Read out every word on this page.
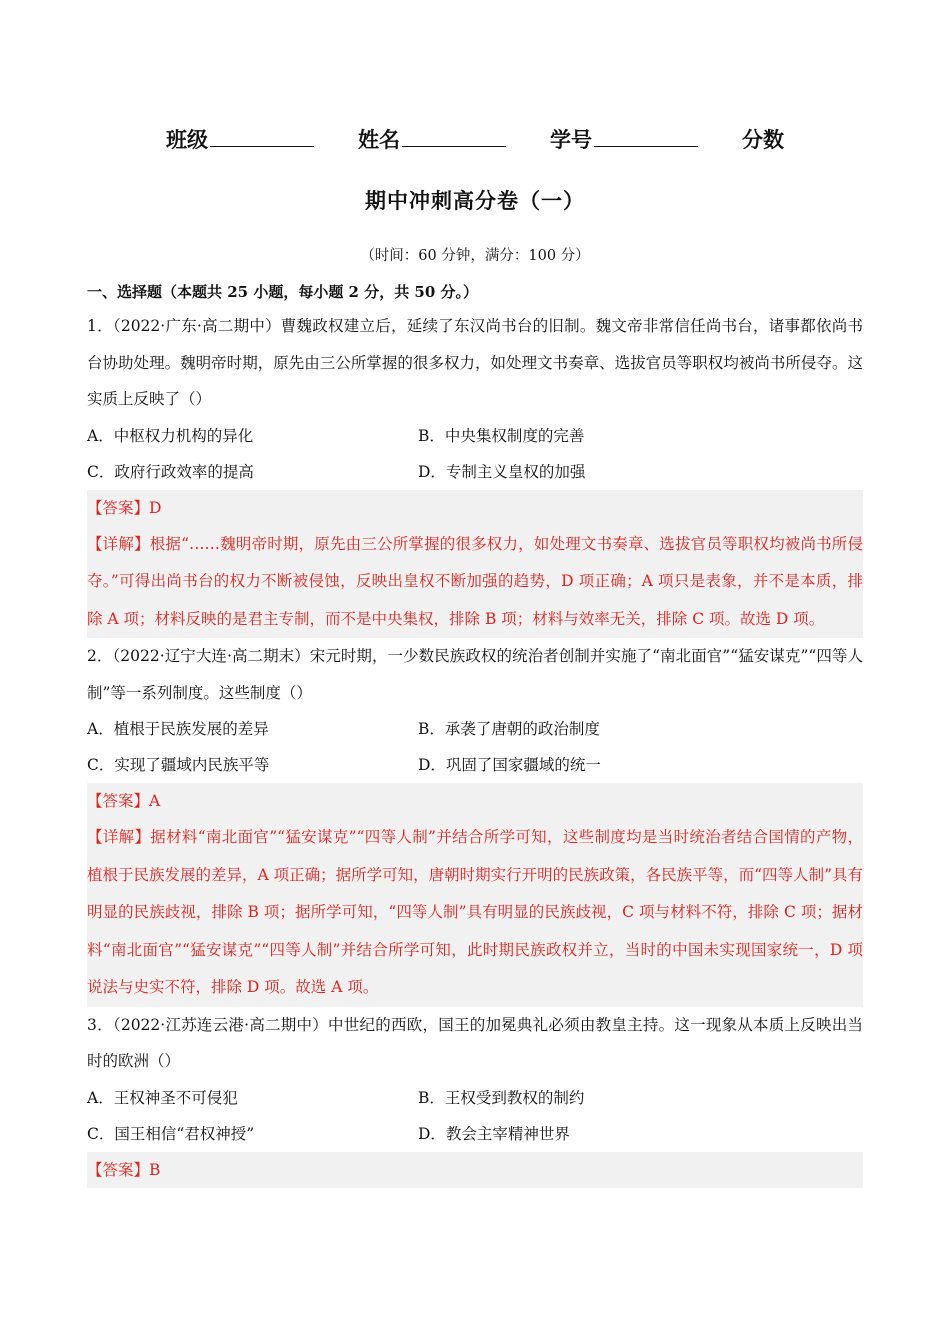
班级	姓名	学号	分数
期中冲刺高分卷（一）
（时间：60 分钟，满分：100 分）
一、选择题（本题共 25 小题，每小题 2 分，共 50 分。）
1．（2022·广东·高二期中）曹魏政权建立后，延续了东汉尚书台的旧制。魏文帝非常信任尚书台，诸事都依尚书台协助处理。魏明帝时期，原先由三公所掌握的很多权力，如处理文书奏章、选拔官员等职权均被尚书所侵夺。这实质上反映了（）
A．中枢权力机构的异化	B．中央集权制度的完善
C．政府行政效率的提高	D．专制主义皇权的加强
【答案】D
【详解】根据“……魏明帝时期，原先由三公所掌握的很多权力，如处理文书奏章、选拔官员等职权均被尚书所侵夺。”可得出尚书台的权力不断被侵蚀，反映出皇权不断加强的趋势，D 项正确；A 项只是表象，并不是本质，排除 A 项；材料反映的是君主专制，而不是中央集权，排除 B 项；材料与效率无关，排除 C 项。故选 D 项。
2．（2022·辽宁大连·高二期末）宋元时期，一少数民族政权的统治者创制并实施了“南北面官”“猛安谋克”“四等人制”等一系列制度。这些制度（）
A．植根于民族发展的差异	B．承袭了唐朝的政治制度
C．实现了疆域内民族平等	D．巩固了国家疆域的统一
【答案】A
【详解】据材料“南北面官”“猛安谋克”“四等人制”并结合所学可知，这些制度均是当时统治者结合国情的产物，植根于民族发展的差异，A 项正确；据所学可知，唐朝时期实行开明的民族政策，各民族平等，而“四等人制”具有明显的民族歧视，排除 B 项；据所学可知，“四等人制”具有明显的民族歧视，C 项与材料不符，排除 C 项；据材料“南北面官”“猛安谋克”“四等人制”并结合所学可知，此时期民族政权并立，当时的中国未实现国家统一，D 项说法与史实不符，排除 D 项。故选 A 项。
3．（2022·江苏连云港·高二期中）中世纪的西欧，国王的加冕典礼必须由教皇主持。这一现象从本质上反映出当时的欧洲（）
A．王权神圣不可侵犯	B．王权受到教权的制约
C．国王相信“君权神授”	D．教会主宰精神世界
【答案】B
